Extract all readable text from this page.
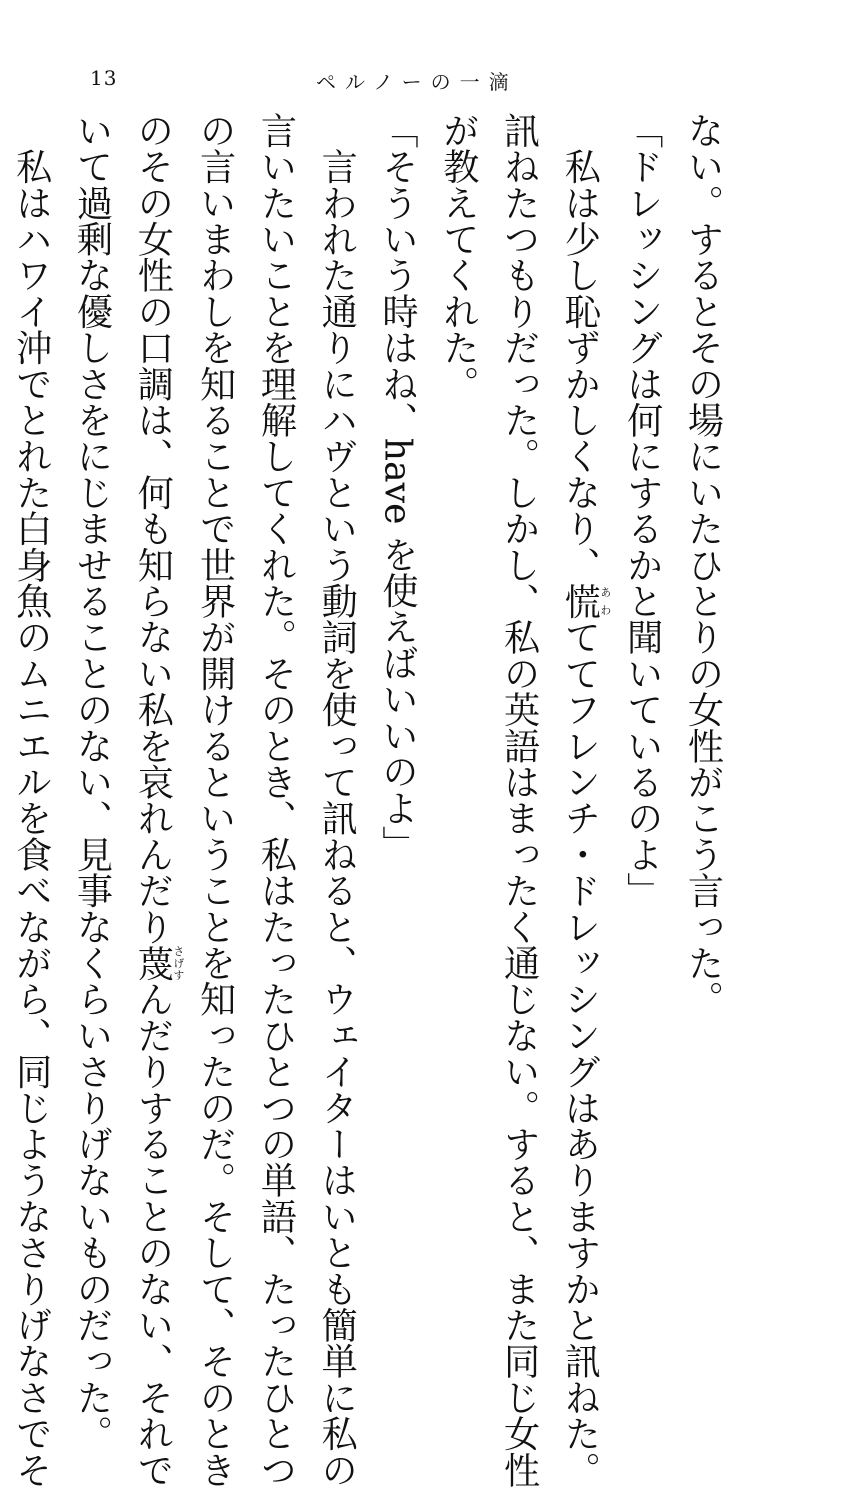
13	ペルノーの一滴
ない。するとその場にいたひとりの女性がこう言った。
「ドレッシングは何にするかと聞いているのよ」
　私は少し恥ずかしくなり、慌あわててフレンチ・ドレッシングはありますかと訊ねた。
訊ねたつもりだった。しかし、私の英語はまったく通じない。すると、また同じ女性
が教えてくれた。
「そういう時はね、have を使えばいいのよ」
　言われた通りにハヴという動詞を使って訊ねると、ウェイターはいとも簡単に私の
言いたいことを理解してくれた。そのとき、私はたったひとつの単語、たったひとつ
の言いまわしを知ることで世界が開けるということを知ったのだ。そして、そのとき
のその女性の口調は、何も知らない私を哀れんだり蔑さげすんだりすることのない、それで
いて過剰な優しさをにじませることのない、見事なくらいさりげないものだった。
　私はハワイ沖でとれた白身魚のムニエルを食べながら、同じようなさりげなさでそ
